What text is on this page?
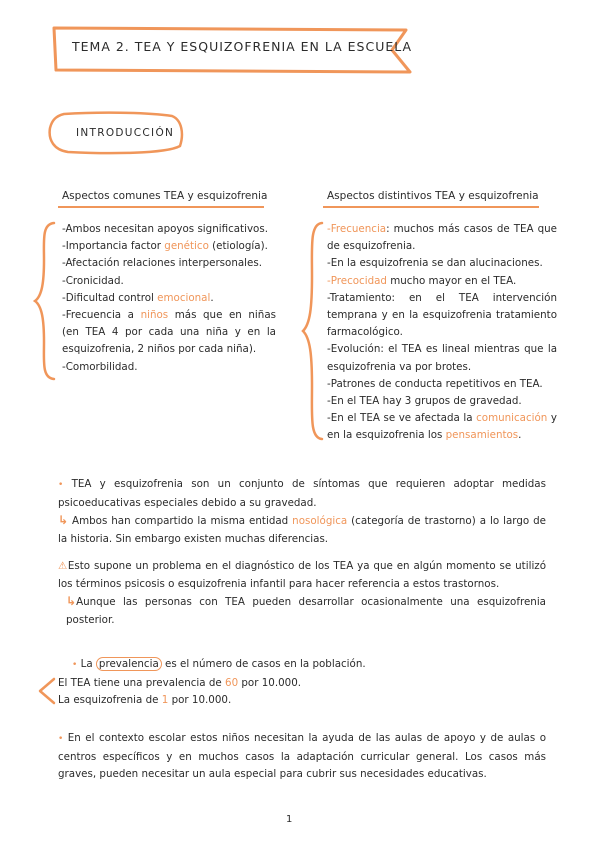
TEMA 2. TEA Y ESQUIZOFRENIA EN LA ESCUELA
INTRODUCCIÓN
Aspectos comunes TEA y esquizofrenia

-Ambos necesitan apoyos significativos.

-Importancia factor genético (etiología).

-Afectación relaciones interpersonales.

-Cronicidad.

-Dificultad control emocional.

-Frecuencia a niños más que en niñas (en TEA 4 por cada una niña y en la esquizofrenia, 2 niños por cada niña).

-Comorbilidad.

Aspectos distintivos TEA y esquizofrenia

-Frecuencia: muchos más casos de TEA que de esquizofrenia.

-En la esquizofrenia se dan alucinaciones.

-Precocidad mucho mayor en el TEA.

-Tratamiento: en el TEA intervención temprana y en la esquizofrenia tratamiento farmacológico.

-Evolución: el TEA es lineal mientras que la esquizofrenia va por brotes.

-Patrones de conducta repetitivos en TEA.

-En el TEA hay 3 grupos de gravedad.

-En el TEA se ve afectada la comunicación y en la esquizofrenia los pensamientos.

• TEA y esquizofrenia son un conjunto de síntomas que requieren adoptar medidas psicoeducativas especiales debido a su gravedad.

↳ Ambos han compartido la misma entidad nosológica (categoría de trastorno) a lo largo de la historia. Sin embargo existen muchas diferencias.

⚠Esto supone un problema en el diagnóstico de los TEA ya que en algún momento se utilizó los términos psicosis o esquizofrenia infantil para hacer referencia a estos trastornos.

↳Aunque las personas con TEA pueden desarrollar ocasionalmente una esquizofrenia posterior.

• La prevalencia es el número de casos en la población.

El TEA tiene una prevalencia de 60 por 10.000.

La esquizofrenia de 1 por 10.000.

• En el contexto escolar estos niños necesitan la ayuda de las aulas de apoyo y de aulas o centros específicos y en muchos casos la adaptación curricular general. Los casos más graves, pueden necesitar un aula especial para cubrir sus necesidades educativas.

1
